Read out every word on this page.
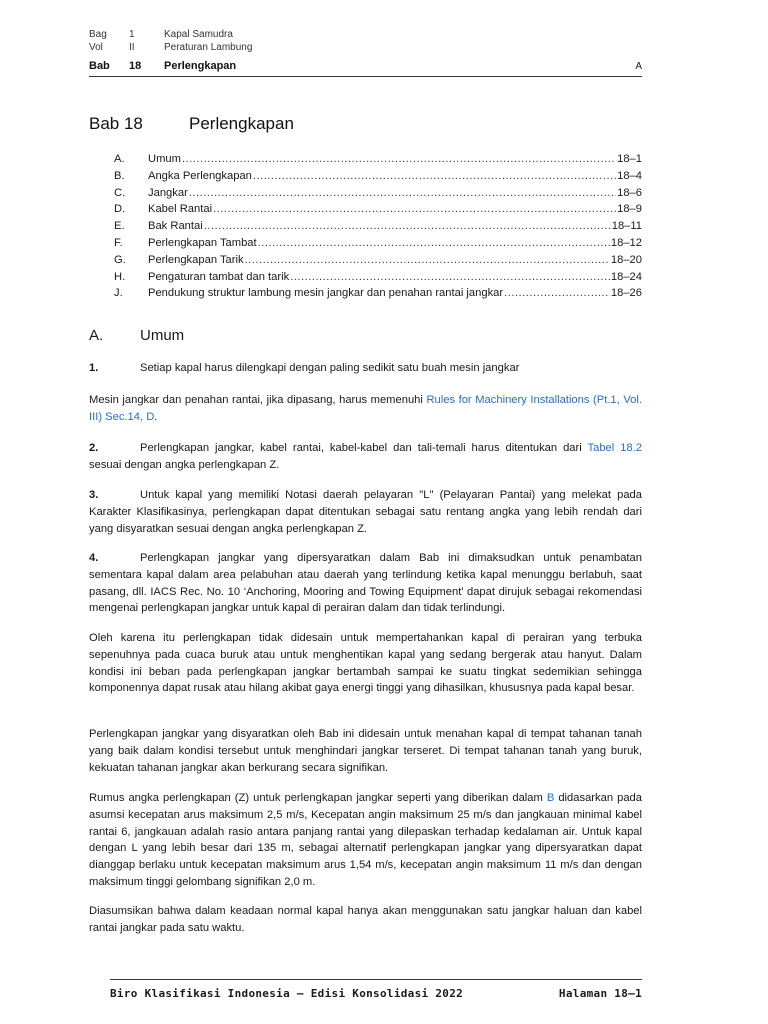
Bag 1	Kapal Samudra
Vol	II	Peraturan Lambung
Bab 18 Perlengkapan	A
Bab 18	Perlengkapan
A.	Umum .....	18–1
B.	Angka Perlengkapan .....	18–4
C.	Jangkar .....	18–6
D.	Kabel Rantai .....	18–9
E.	Bak Rantai .....	18–11
F.	Perlengkapan Tambat .....	18–12
G.	Perlengkapan Tarik .....	18–20
H.	Pengaturan tambat dan tarik .....	18–24
J.	Pendukung struktur lambung mesin jangkar dan penahan rantai jangkar .....	18–26
A. Umum
1.	Setiap kapal harus dilengkapi dengan paling sedikit satu buah mesin jangkar
Mesin jangkar dan penahan rantai, jika dipasang, harus memenuhi Rules for Machinery Installations (Pt.1, Vol. III) Sec.14, D.
2.	Perlengkapan jangkar, kabel rantai, kabel-kabel dan tali-temali harus ditentukan dari Tabel 18.2 sesuai dengan angka perlengkapan Z.
3.	Untuk kapal yang memiliki Notasi daerah pelayaran "L" (Pelayaran Pantai) yang melekat pada Karakter Klasifikasinya, perlengkapan dapat ditentukan sebagai satu rentang angka yang lebih rendah dari yang disyaratkan sesuai dengan angka perlengkapan Z.
4.	Perlengkapan jangkar yang dipersyaratkan dalam Bab ini dimaksudkan untuk penambatan sementara kapal dalam area pelabuhan atau daerah yang terlindung ketika kapal menunggu berlabuh, saat pasang, dll. IACS Rec. No. 10 ‘Anchoring, Mooring and Towing Equipment’ dapat dirujuk sebagai rekomendasi mengenai perlengkapan jangkar untuk kapal di perairan dalam dan tidak terlindungi.
Oleh karena itu perlengkapan tidak didesain untuk mempertahankan kapal di perairan yang terbuka sepenuhnya pada cuaca buruk atau untuk menghentikan kapal yang sedang bergerak atau hanyut. Dalam kondisi ini beban pada perlengkapan jangkar bertambah sampai ke suatu tingkat sedemikian sehingga komponennya dapat rusak atau hilang akibat gaya energi tinggi yang dihasilkan, khususnya pada kapal besar.
Perlengkapan jangkar yang disyaratkan oleh Bab ini didesain untuk menahan kapal di tempat tahanan tanah yang baik dalam kondisi tersebut untuk menghindari jangkar terseret. Di tempat tahanan tanah yang buruk, kekuatan tahanan jangkar akan berkurang secara signifikan.
Rumus angka perlengkapan (Z) untuk perlengkapan jangkar seperti yang diberikan dalam B didasarkan pada asumsi kecepatan arus maksimum 2,5 m/s, Kecepatan angin maksimum 25 m/s dan jangkauan minimal kabel rantai 6, jangkauan adalah rasio antara panjang rantai yang dilepaskan terhadap kedalaman air. Untuk kapal dengan L yang lebih besar dari 135 m, sebagai alternatif perlengkapan jangkar yang dipersyaratkan dapat dianggap berlaku untuk kecepatan maksimum arus 1,54 m/s, kecepatan angin maksimum 11 m/s dan dengan maksimum tinggi gelombang signifikan 2,0 m.
Diasumsikan bahwa dalam keadaan normal kapal hanya akan menggunakan satu jangkar haluan dan kabel rantai jangkar pada satu waktu.
Biro Klasifikasi Indonesia – Edisi Konsolidasi 2022	Halaman 18–1
